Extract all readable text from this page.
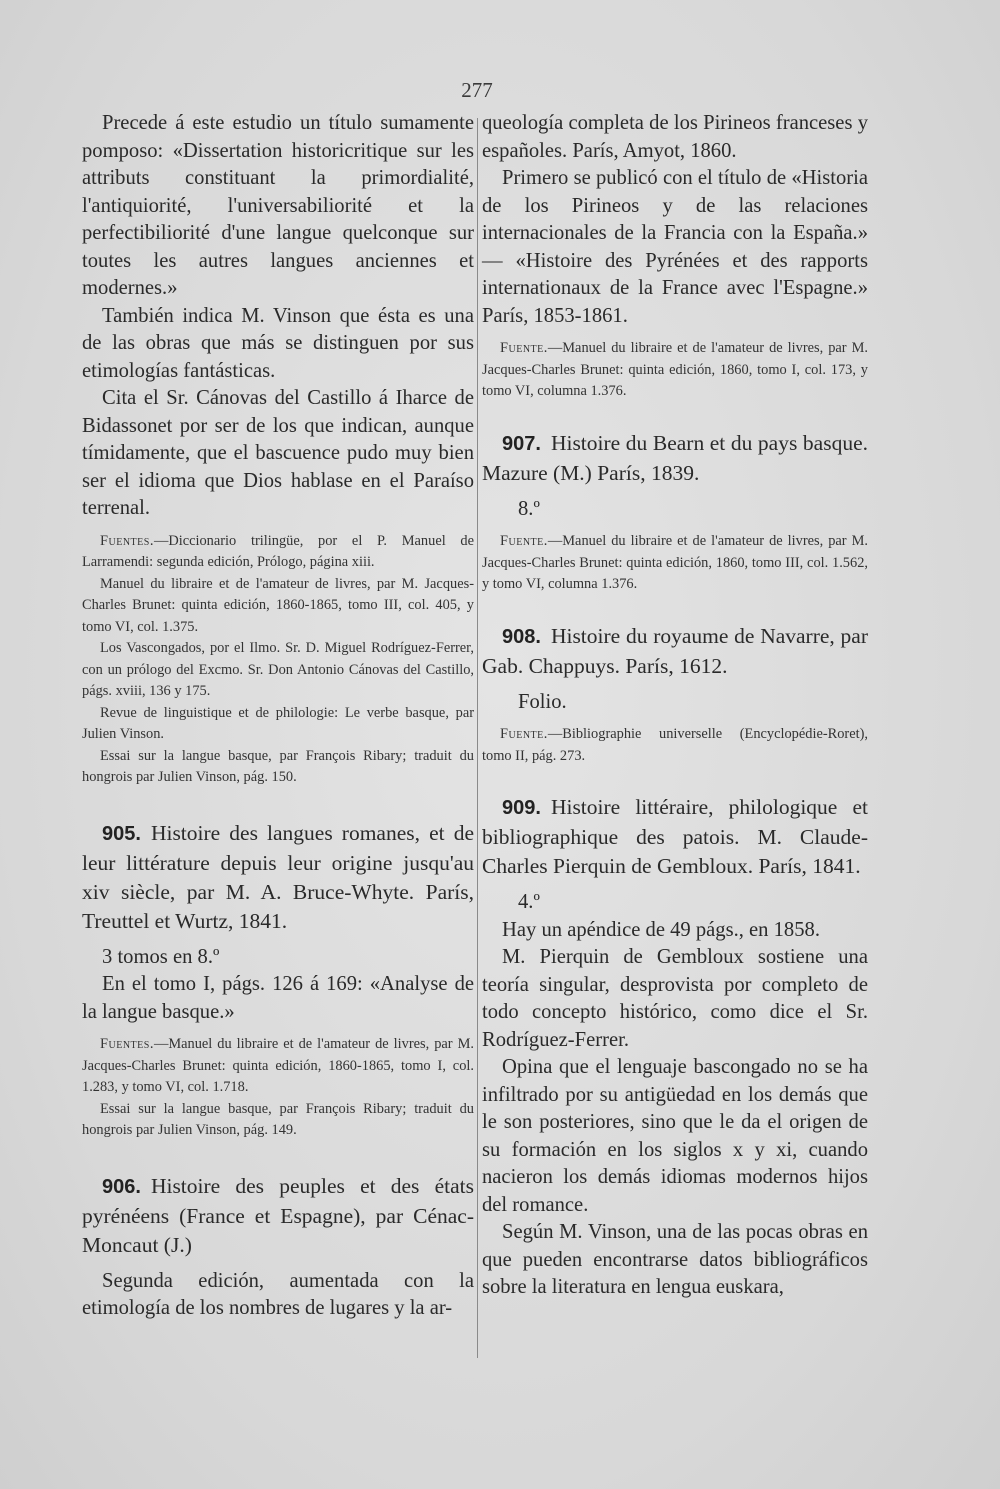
277

Precede á este estudio un título sumamente pomposo: «Dissertation historicritique sur les attributs constituant la primordialité, l'antiquiorité, l'universabiliorité et la perfectibiliorité d'une langue quelconque sur toutes les autres langues anciennes et modernes.»

También indica M. Vinson que ésta es una de las obras que más se distinguen por sus etimologías fantásticas.

Cita el Sr. Cánovas del Castillo á Iharce de Bidassonet por ser de los que indican, aunque tímidamente, que el bascuence pudo muy bien ser el idioma que Dios hablase en el Paraíso terrenal.

Fuentes.—Diccionario trilingüe, por el P. Manuel de Larramendi: segunda edición, Prólogo, página xiii.

Manuel du libraire et de l'amateur de livres, par M. Jacques-Charles Brunet: quinta edición, 1860-1865, tomo III, col. 405, y tomo VI, col. 1.375.

Los Vascongados, por el Ilmo. Sr. D. Miguel Rodríguez-Ferrer, con un prólogo del Excmo. Sr. Don Antonio Cánovas del Castillo, págs. xviii, 136 y 175.

Revue de linguistique et de philologie: Le verbe basque, par Julien Vinson.

Essai sur la langue basque, par François Ribary; traduit du hongrois par Julien Vinson, pág. 150.

905. Histoire des langues romanes, et de leur littérature depuis leur origine jusqu'au xiv siècle, par M. A. Bruce-Whyte. París, Treuttel et Wurtz, 1841.

3 tomos en 8.º

En el tomo I, págs. 126 á 169: «Analyse de la langue basque.»

Fuentes.—Manuel du libraire et de l'amateur de livres, par M. Jacques-Charles Brunet: quinta edición, 1860-1865, tomo I, col. 1.283, y tomo VI, col. 1.718.

Essai sur la langue basque, par François Ribary; traduit du hongrois par Julien Vinson, pág. 149.

906. Histoire des peuples et des états pyrénéens (France et Espagne), par Cénac-Moncaut (J.)

Segunda edición, aumentada con la etimología de los nombres de lugares y la ar-

queología completa de los Pirineos franceses y españoles. París, Amyot, 1860.

Primero se publicó con el título de «Historia de los Pirineos y de las relaciones internacionales de la Francia con la España.» — «Histoire des Pyrénées et des rapports internationaux de la France avec l'Espagne.» París, 1853-1861.

Fuente.—Manuel du libraire et de l'amateur de livres, par M. Jacques-Charles Brunet: quinta edición, 1860, tomo I, col. 173, y tomo VI, columna 1.376.

907. Histoire du Bearn et du pays basque. Mazure (M.) París, 1839.

8.º

Fuente.—Manuel du libraire et de l'amateur de livres, par M. Jacques-Charles Brunet: quinta edición, 1860, tomo III, col. 1.562, y tomo VI, columna 1.376.

908. Histoire du royaume de Navarre, par Gab. Chappuys. París, 1612.

Folio.

Fuente.—Bibliographie universelle (Encyclopédie-Roret), tomo II, pág. 273.

909. Histoire littéraire, philologique et bibliographique des patois. M. Claude-Charles Pierquin de Gembloux. París, 1841.

4.º

Hay un apéndice de 49 págs., en 1858.

M. Pierquin de Gembloux sostiene una teoría singular, desprovista por completo de todo concepto histórico, como dice el Sr. Rodríguez-Ferrer.

Opina que el lenguaje bascongado no se ha infiltrado por su antigüedad en los demás que le son posteriores, sino que le da el origen de su formación en los siglos x y xi, cuando nacieron los demás idiomas modernos hijos del romance.

Según M. Vinson, una de las pocas obras en que pueden encontrarse datos bibliográficos sobre la literatura en lengua euskara,
